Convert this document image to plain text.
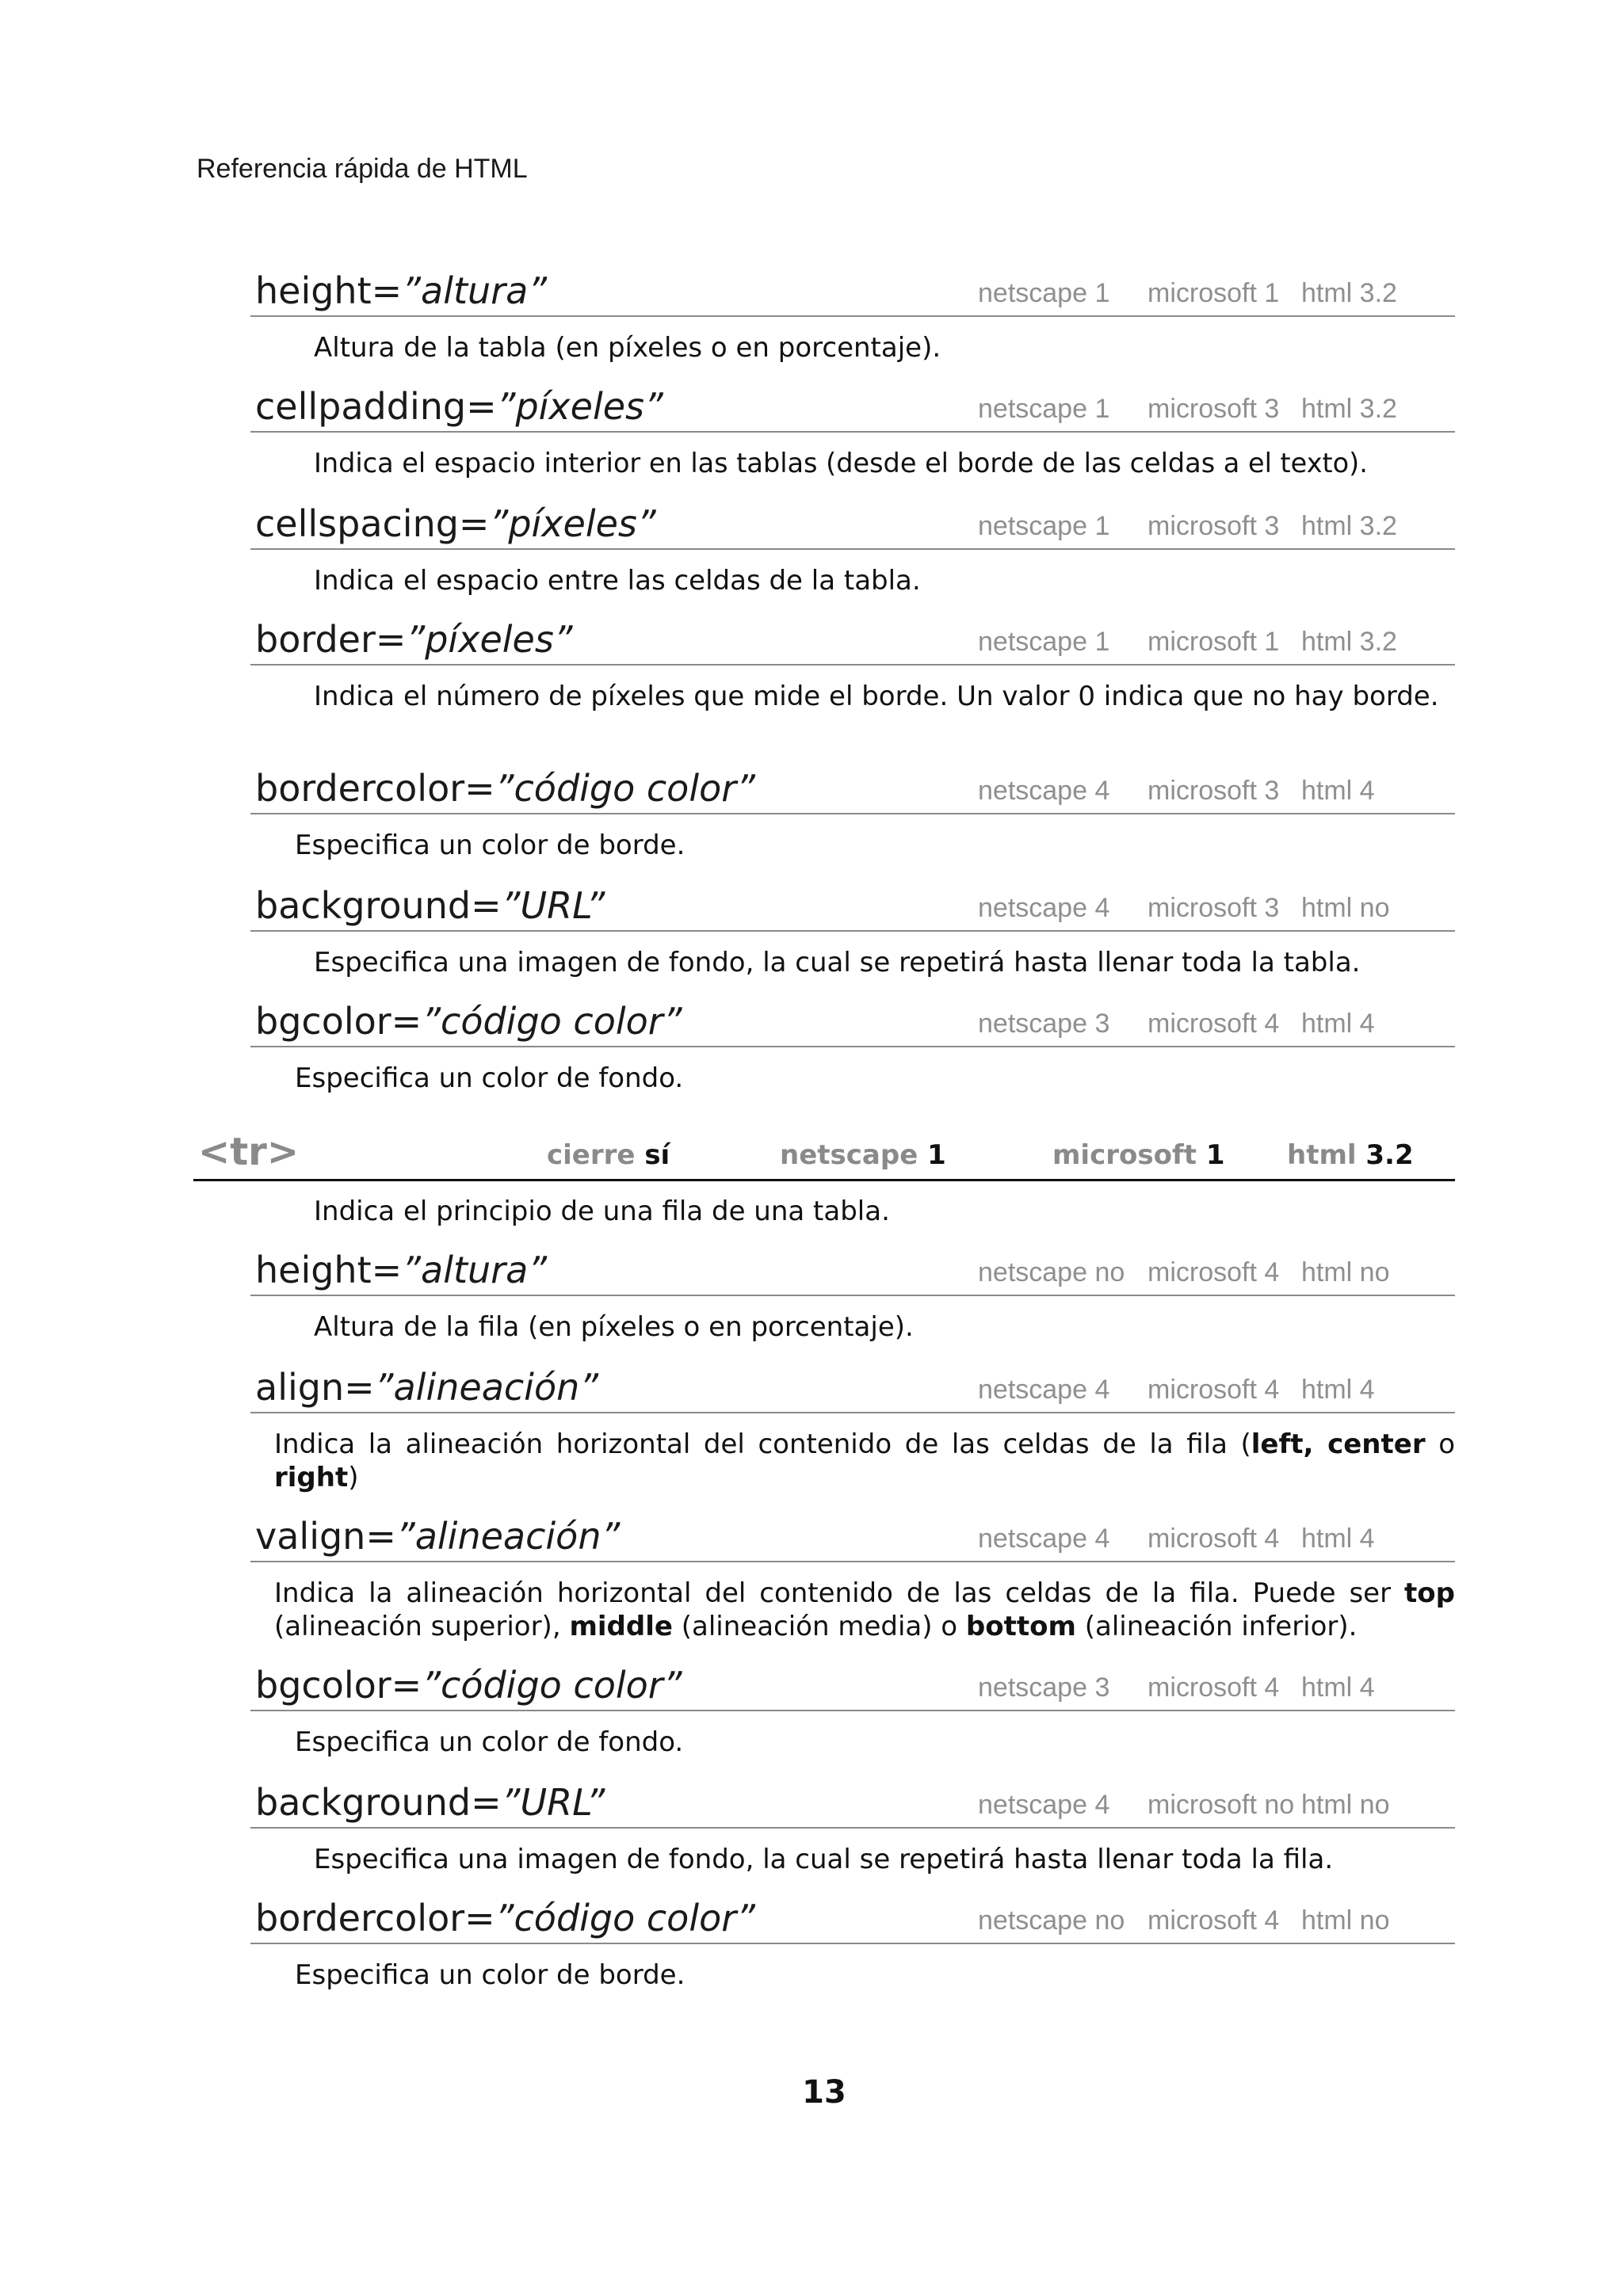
Referencia rápida de HTML
height=”altura”	netscape 1 microsoft 1 html 3.2
Altura de la tabla (en píxeles o en porcentaje).
cellpadding=”píxeles”	netscape 1 microsoft 3 html 3.2
Indica el espacio interior en las tablas (desde el borde de las celdas a el texto).
cellspacing=”píxeles”	netscape 1 microsoft 3 html 3.2
Indica el espacio entre las celdas de la tabla.
border=”píxeles”	netscape 1 microsoft 1 html 3.2
Indica el número de píxeles que mide el borde. Un valor 0 indica que no hay borde.
bordercolor=”código color”	netscape 4 microsoft 3 html 4
Especifica un color de borde.
background=”URL”	netscape 4 microsoft 3 html no
Especifica una imagen de fondo, la cual se repetirá hasta llenar toda la tabla.
bgcolor=”código color”	netscape 3 microsoft 4 html 4
Especifica un color de fondo.
<tr>	cierre sí	netscape 1	microsoft 1 html 3.2
Indica el principio de una fila de una tabla.
height=”altura”	netscape no microsoft 4 html no
Altura de la fila (en píxeles o en porcentaje).
align=”alineación”	netscape 4 microsoft 4 html 4
Indica la alineación horizontal del contenido de las celdas de la fila (left, center o right)
valign=”alineación”	netscape 4 microsoft 4 html 4
Indica la alineación horizontal del contenido de las celdas de la fila. Puede ser top (alineación superior), middle (alineación media) o bottom (alineación inferior).
bgcolor=”código color”	netscape 3 microsoft 4 html 4
Especifica un color de fondo.
background=”URL”	netscape 4 microsoft no html no
Especifica una imagen de fondo, la cual se repetirá hasta llenar toda la fila.
bordercolor=”código color”	netscape no microsoft 4 html no
Especifica un color de borde.
13
